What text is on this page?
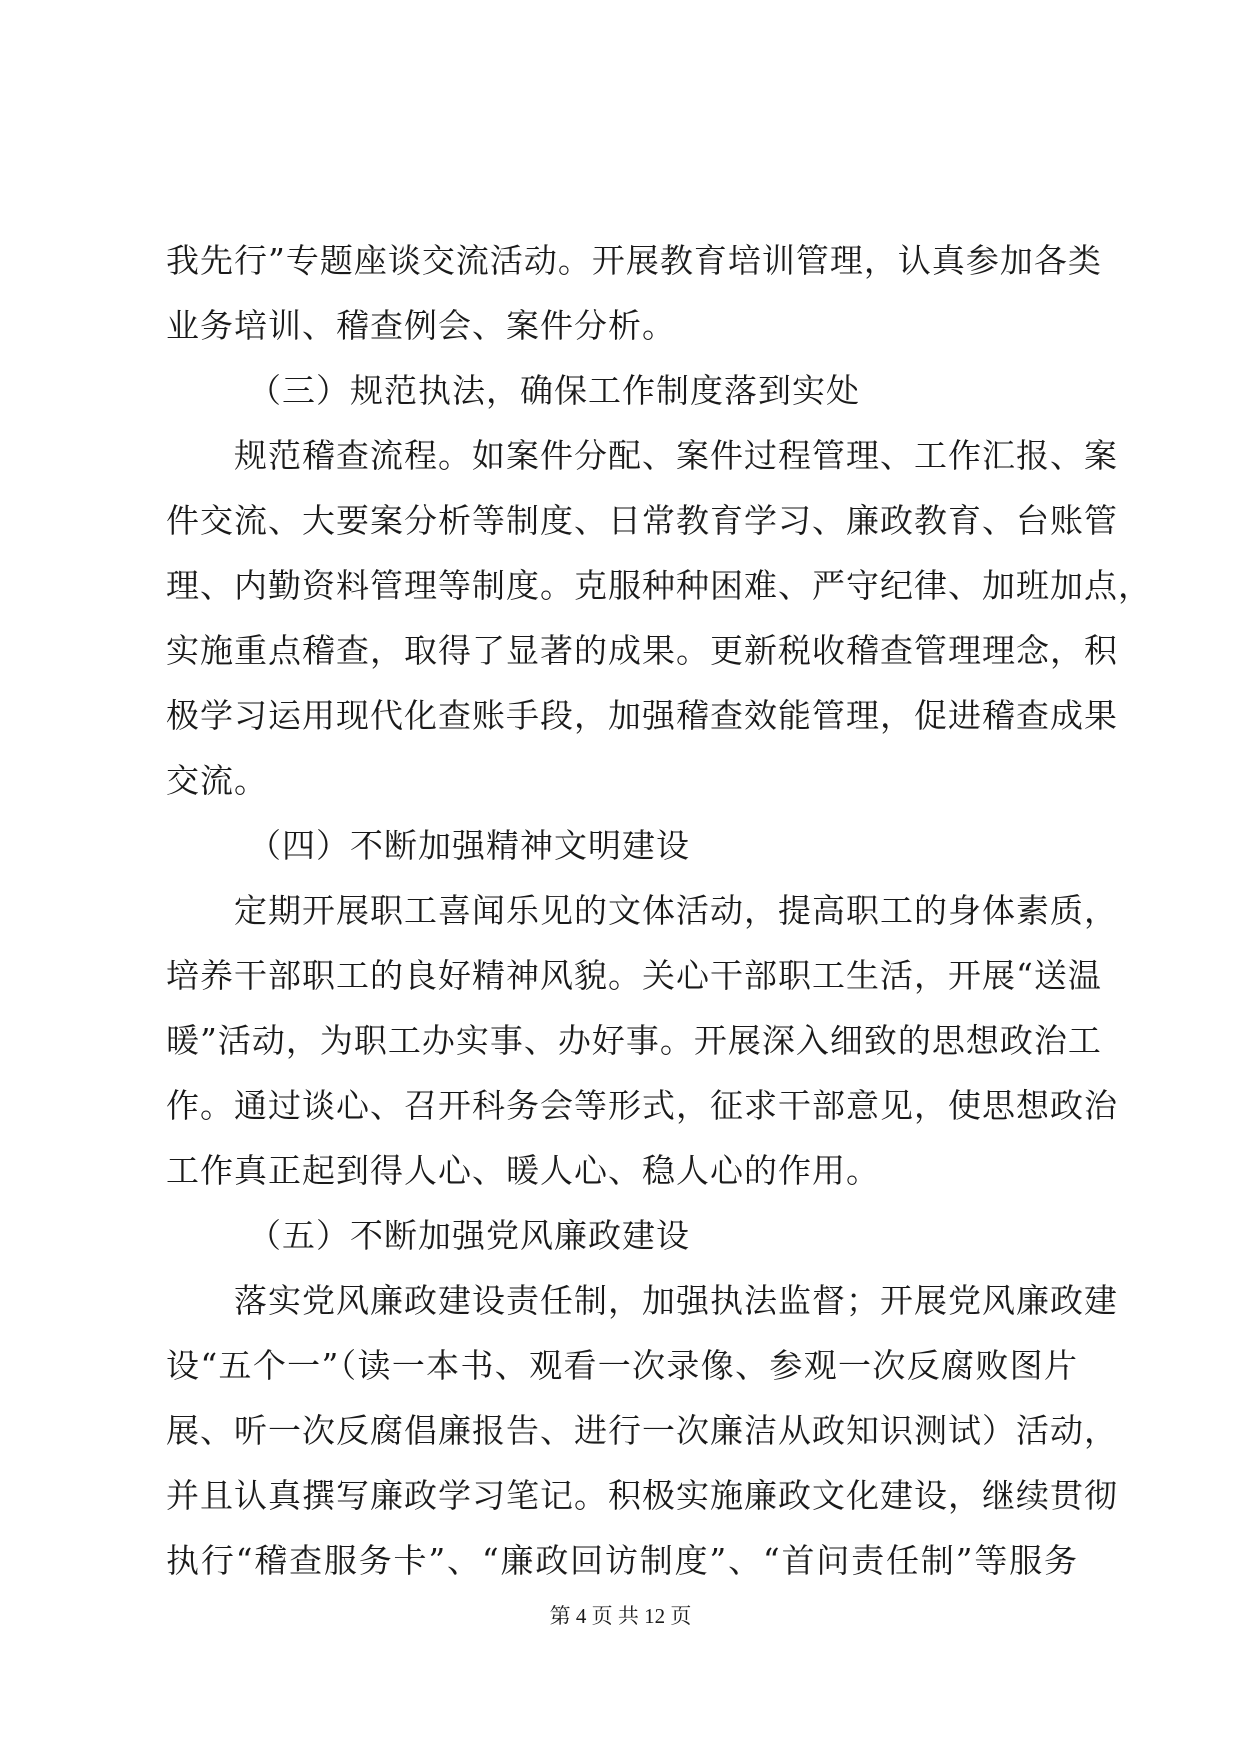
我先行”专题座谈交流活动。开展教育培训管理，认真参加各类
业务培训、稽查例会、案件分析。
（三）规范执法，确保工作制度落到实处
规范稽查流程。如案件分配、案件过程管理、工作汇报、案
件交流、大要案分析等制度、日常教育学习、廉政教育、台账管
理、内勤资料管理等制度。克服种种困难、严守纪律、加班加点，
实施重点稽查，取得了显著的成果。更新税收稽查管理理念，积
极学习运用现代化查账手段，加强稽查效能管理，促进稽查成果
交流。
（四）不断加强精神文明建设
定期开展职工喜闻乐见的文体活动，提高职工的身体素质，
培养干部职工的良好精神风貌。关心干部职工生活，开展“送温
暖”活动，为职工办实事、办好事。开展深入细致的思想政治工
作。通过谈心、召开科务会等形式，征求干部意见，使思想政治
工作真正起到得人心、暖人心、稳人心的作用。
（五）不断加强党风廉政建设
落实党风廉政建设责任制，加强执法监督；开展党风廉政建
设“五个一”（读一本书、观看一次录像、参观一次反腐败图片
展、听一次反腐倡廉报告、进行一次廉洁从政知识测试）活动，
并且认真撰写廉政学习笔记。积极实施廉政文化建设，继续贯彻
执行“稽查服务卡”、“廉政回访制度”、“首问责任制”等服务
第 4 页 共 12 页
